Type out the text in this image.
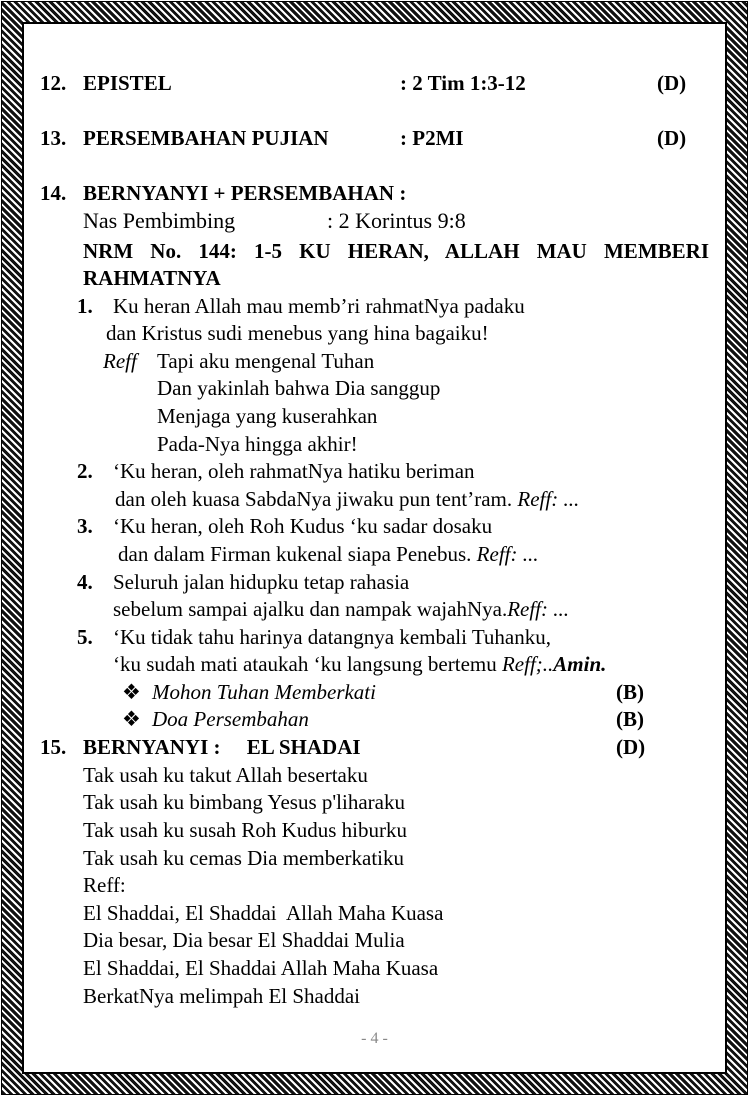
12. EPISTEL	: 2 Tim 1:3-12	(D)
13. PERSEMBAHAN PUJIAN	: P2MI	(D)
14. BERNYANYI + PERSEMBAHAN :
Nas Pembimbing	: 2 Korintus 9:8
NRM No. 144: 1-5 KU HERAN, ALLAH MAU MEMBERI
RAHMATNYA
1. Ku heran Allah mau memb’ri rahmatNya padaku
dan Kristus sudi menebus yang hina bagaiku!
Reff Tapi aku mengenal Tuhan
Dan yakinlah bahwa Dia sanggup
Menjaga yang kuserahkan
Pada-Nya hingga akhir!
2. ‘Ku heran, oleh rahmatNya hatiku beriman
dan oleh kuasa SabdaNya jiwaku pun tent’ram. Reff: ...
3. ‘Ku heran, oleh Roh Kudus ‘ku sadar dosaku
dan dalam Firman kukenal siapa Penebus. Reff: ...
4. Seluruh jalan hidupku tetap rahasia
sebelum sampai ajalku dan nampak wajahNya.Reff: ...
5. ‘Ku tidak tahu harinya datangnya kembali Tuhanku,
‘ku sudah mati ataukah ‘ku langsung bertemu Reff;..Amin.
❖ Mohon Tuhan Memberkati	(B)
❖ Doa Persembahan	(B)
15. BERNYANYI :     EL SHADAI	(D)
Tak usah ku takut Allah besertaku
Tak usah ku bimbang Yesus p'liharaku
Tak usah ku susah Roh Kudus hiburku
Tak usah ku cemas Dia memberkatiku
Reff:
El Shaddai, El Shaddai  Allah Maha Kuasa
Dia besar, Dia besar El Shaddai Mulia
El Shaddai, El Shaddai Allah Maha Kuasa
BerkatNya melimpah El Shaddai
- 4 -
